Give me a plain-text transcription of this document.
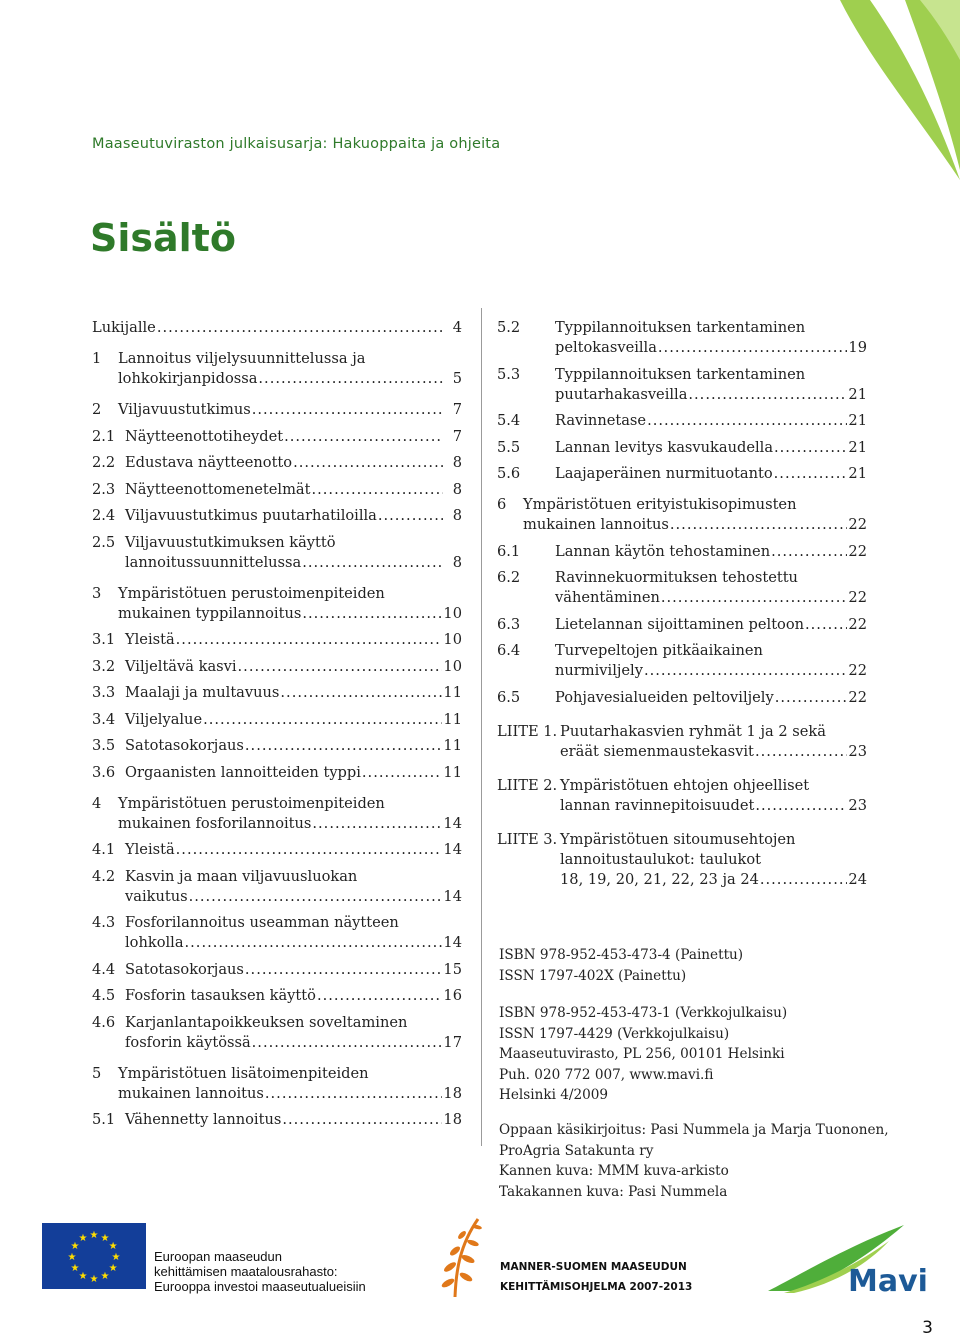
Maaseutuviraston julkaisusarja: Hakuoppaita ja ohjeita
Sisältö
Lukijalle .....	4
1	Lannoitus viljelysuunnittelussa ja
lohkokirjanpidossa .....	5
2	Viljavuustutkimus .....	7
2.1 Näytteenottotiheydet .....	7
2.2 Edustava näytteenotto .....	8
2.3 Näytteenottomenetelmät .....	8
2.4 Viljavuustutkimus puutarhatiloilla .....	8
2.5 Viljavuustutkimuksen käyttö
lannoitussuunnittelussa .....	8
3	Ympäristötuen perustoimenpiteiden
mukainen typpilannoitus .....	10
3.1 Yleistä .....	10
3.2 Viljeltävä kasvi .....	10
3.3 Maalaji ja multavuus .....	11
3.4 Viljelyalue .....	11
3.5 Satotasokorjaus .....	11
3.6 Orgaanisten lannoitteiden typpi .....	11
4	Ympäristötuen perustoimenpiteiden
mukainen fosforilannoitus .....	14
4.1 Yleistä .....	14
4.2 Kasvin ja maan viljavuusluokan
vaikutus .....	14
4.3 Fosforilannoitus useamman näytteen
lohkolla .....	14
4.4 Satotasokorjaus .....	15
4.5 Fosforin tasauksen käyttö .....	16
4.6 Karjanlantapoikkeuksen soveltaminen
fosforin käytössä .....	17
5	Ympäristötuen lisätoimenpiteiden
mukainen lannoitus .....	18
5.1 Vähennetty lannoitus .....	18
5.2	Typpilannoituksen tarkentaminen
peltokasveilla .....	19
5.3	Typpilannoituksen tarkentaminen
puutarhakasveilla .....	21
5.4	Ravinnetase .....	21
5.5	Lannan levitys kasvukaudella .....	21
5.6	Laajaperäinen nurmituotanto .....	21
6	Ympäristötuen erityistukisopimusten
mukainen lannoitus .....	22
6.1	Lannan käytön tehostaminen .....	22
6.2	Ravinnekuormituksen tehostettu
vähentäminen .....	22
6.3	Lietelannan sijoittaminen peltoon .....	22
6.4	Turvepeltojen pitkäaikainen
nurmiviljely .....	22
6.5	Pohjavesialueiden peltoviljely .....	22
LIITE 1. Puutarhakasvien ryhmät 1 ja 2 sekä
eräät siemenmaustekasvit .....	23
LIITE 2. Ympäristötuen ehtojen ohjeelliset
lannan ravinnepitoisuudet .....	23
LIITE 3. Ympäristötuen sitoumusehtojen
lannoitustaulukot: taulukot
18, 19, 20, 21, 22, 23 ja 24 .....	24
ISBN 978-952-453-473-4 (Painettu)
ISSN 1797-402X (Painettu)
ISBN 978-952-453-473-1 (Verkkojulkaisu)
ISSN 1797-4429 (Verkkojulkaisu)
Maaseutuvirasto, PL 256, 00101 Helsinki
Puh. 020 772 007, www.mavi.fi
Helsinki 4/2009
Oppaan käsikirjoitus: Pasi Nummela ja Marja Tuononen,
ProAgria Satakunta ry
Kannen kuva: MMM kuva-arkisto
Takakannen kuva: Pasi Nummela
★
★
★
★
★
★
★
★
★ ★ ★
★
Euroopan maaseudun
kehittämisen maatalousrahasto:
Eurooppa investoi maaseutualueisiin
MANNER-SUOMEN MAASEUDUN
KEHITTÄMISOHJELMA 2007-2013	Mavi
3
